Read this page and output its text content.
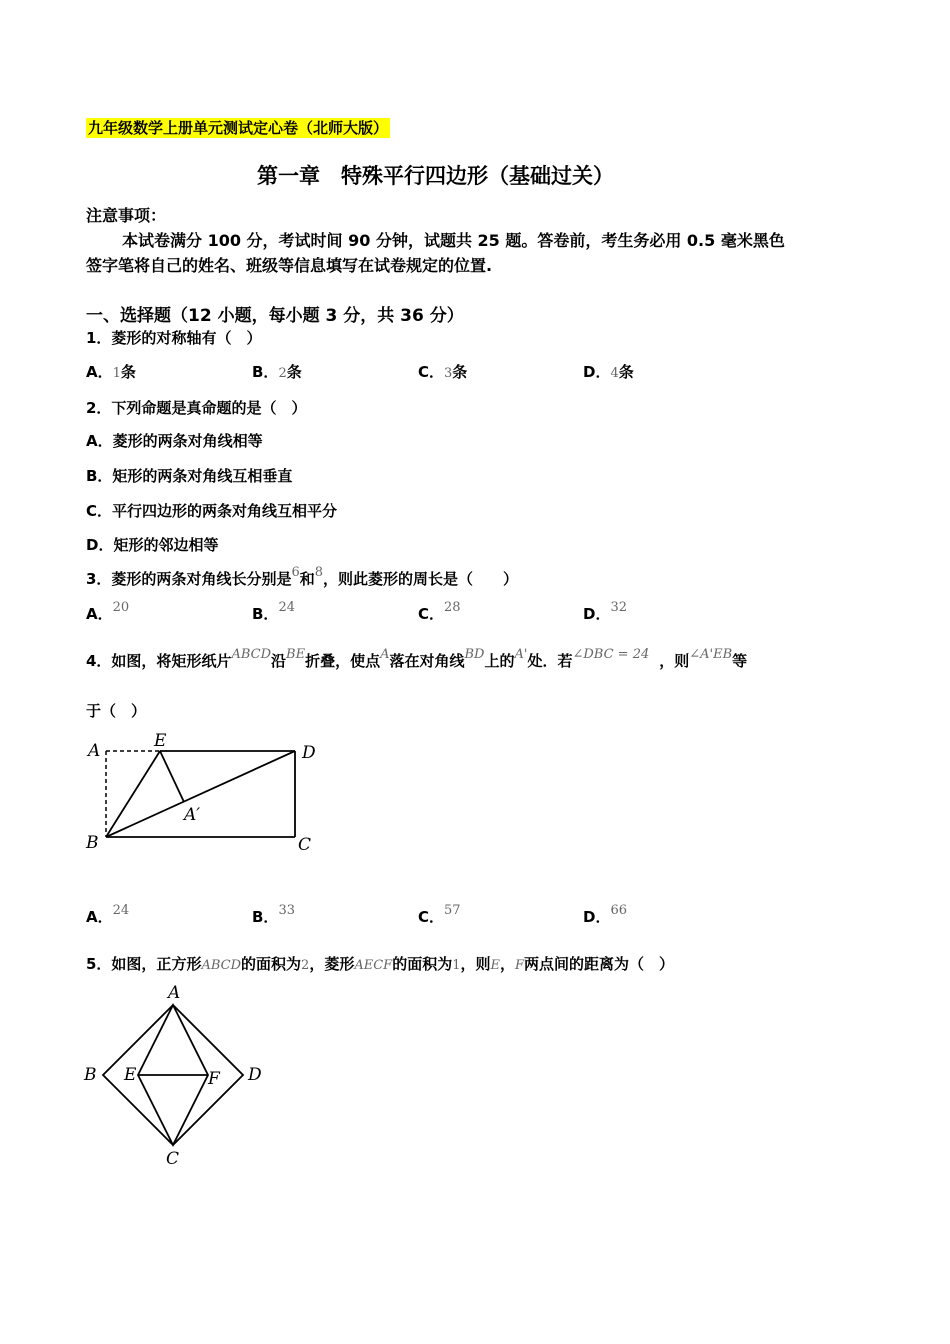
九年级数学上册单元测试定心卷（北师大版）
第一章　特殊平行四边形（基础过关）
注意事项：
本试卷满分 100 分，考试时间 90 分钟，试题共 25 题。答卷前，考生务必用 0.5 毫米黑色
签字笔将自己的姓名、班级等信息填写在试卷规定的位置.
一、选择题（12 小题，每小题 3 分，共 36 分）
1．菱形的对称轴有（　）
A．1条	B．2条	C．3条	D．4条
2．下列命题是真命题的是（　）
A．菱形的两条对角线相等
B．矩形的两条对角线互相垂直
C．平行四边形的两条对角线互相平分
D．矩形的邻边相等
3．菱形的两条对角线长分别是6和8，则此菱形的周长是（　　）
A．20	B．24	C．28	D．32
4．如图，将矩形纸片ABCD沿BE折叠，使点A落在对角线BD上的A'处．若∠DBC = 24 ，则∠A'EB等
于（　）
A	E
D
A′
B	C
A．24	B．33	C．57	D．66
5．如图，正方形ABCD的面积为2，菱形AECF的面积为1，则E，F两点间的距离为（　）
A
B E	F D
C
